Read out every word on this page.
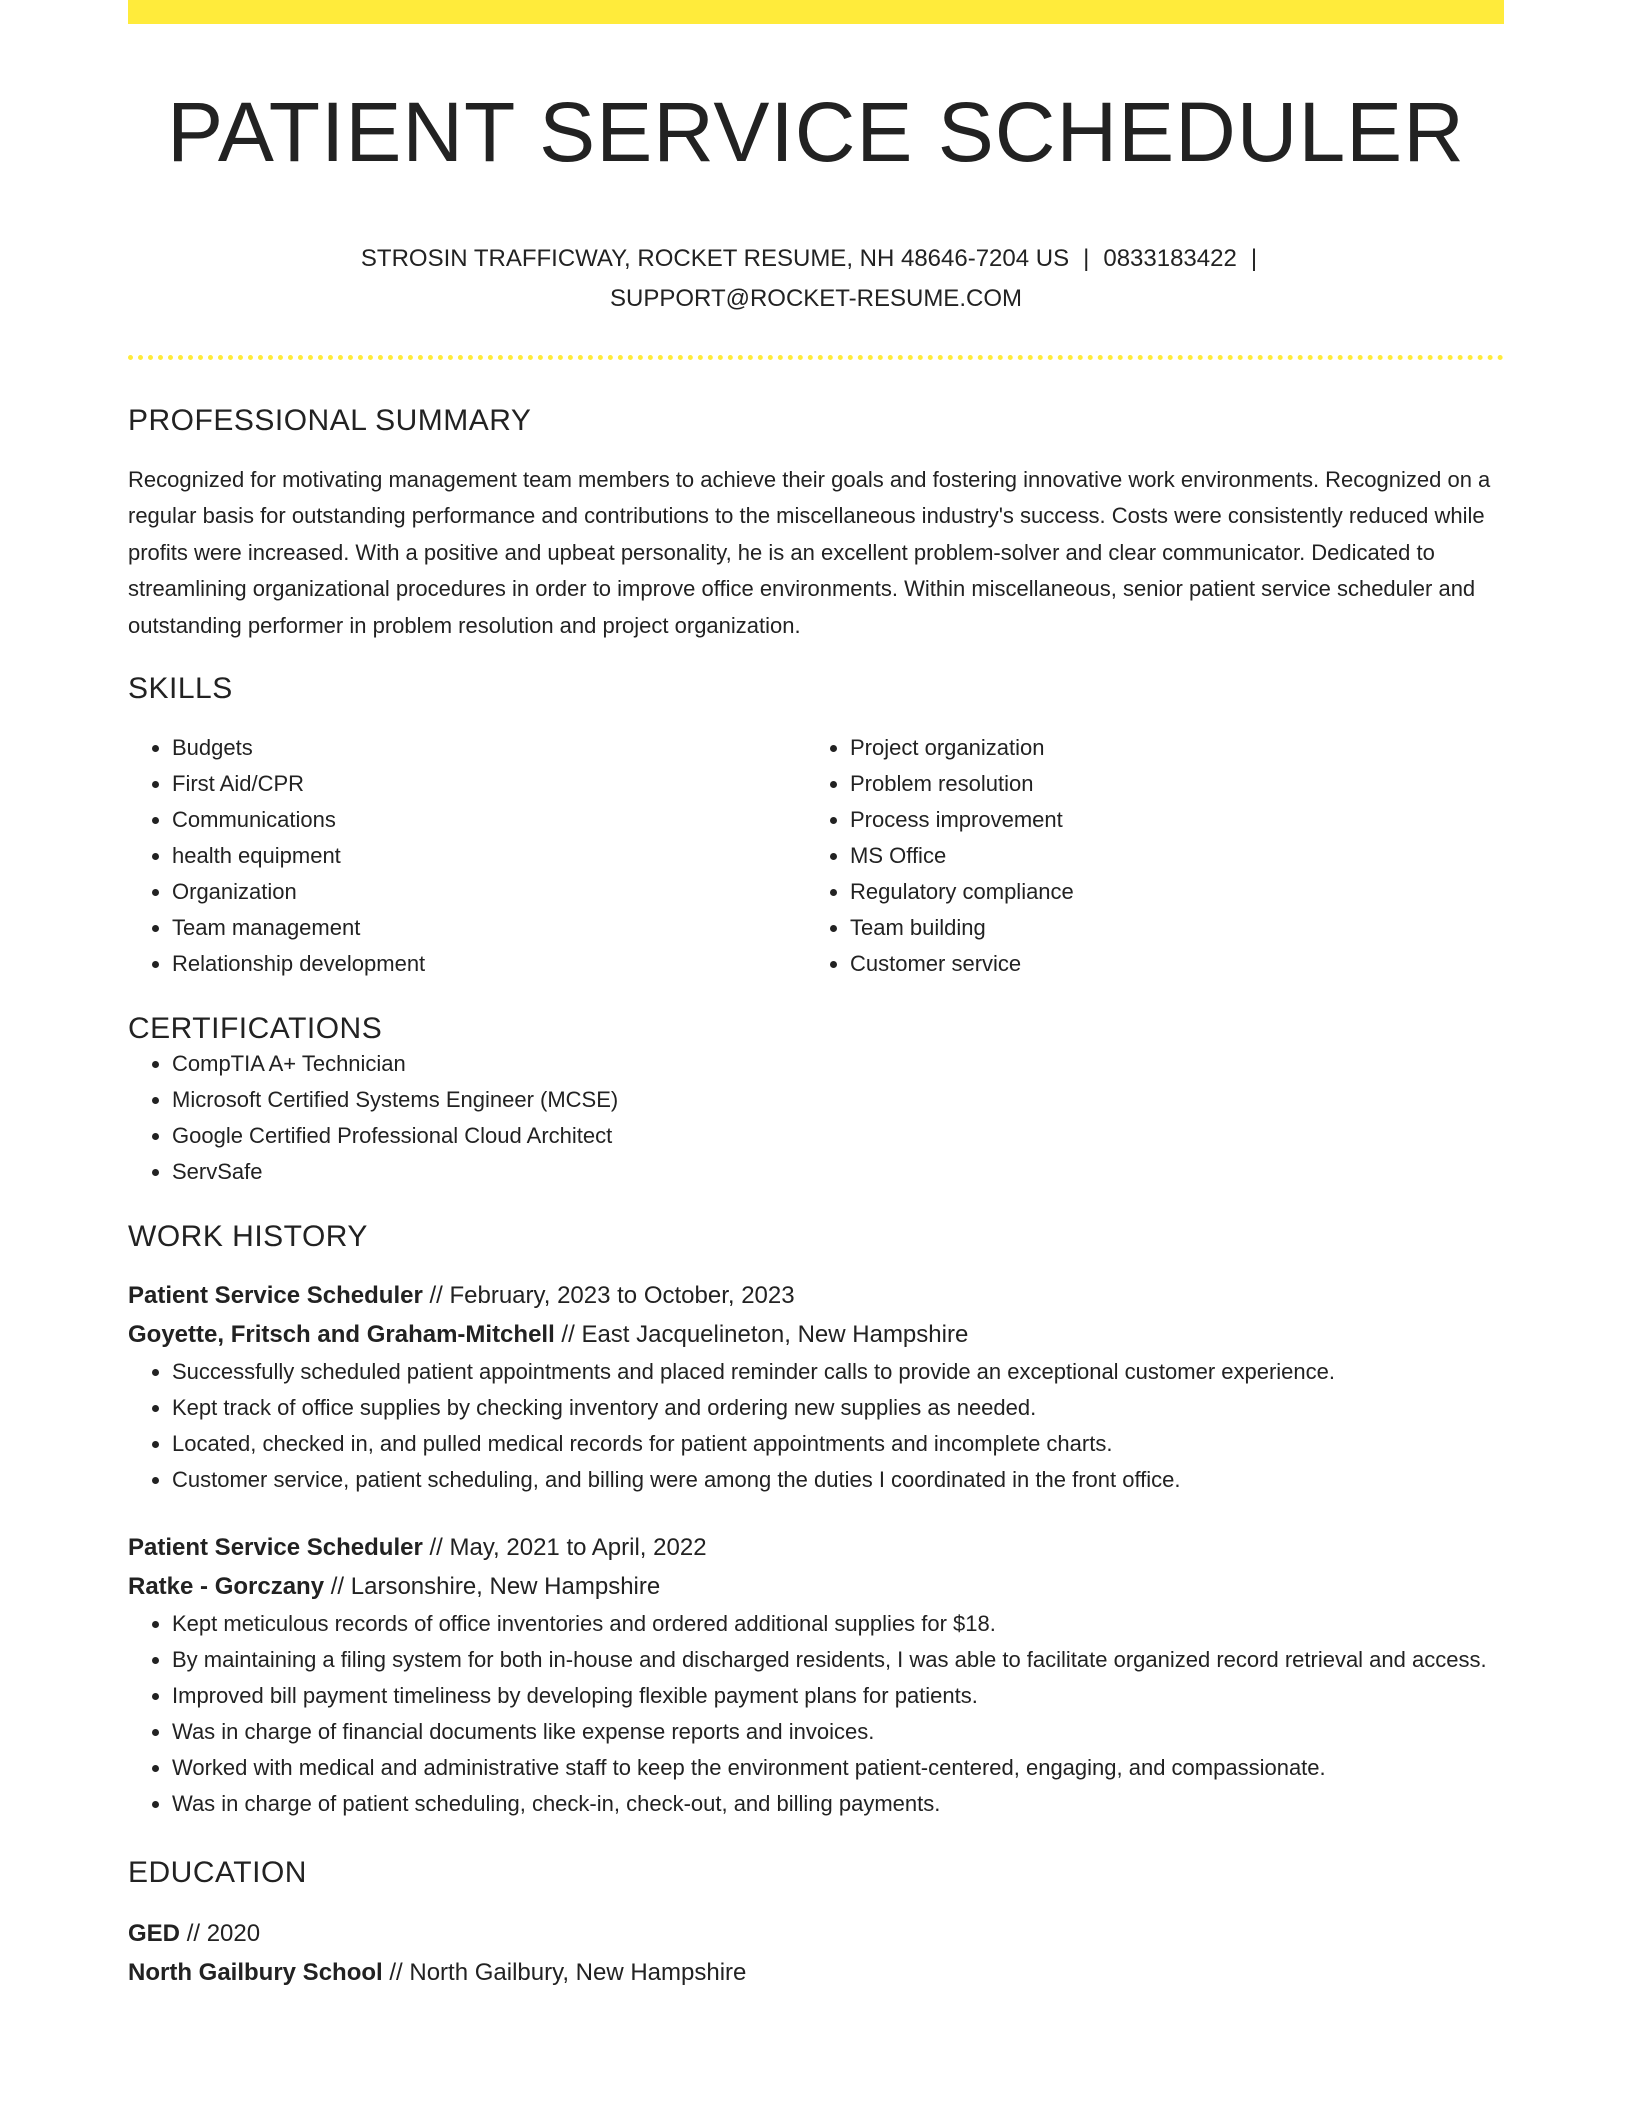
PATIENT SERVICE SCHEDULER
STROSIN TRAFFICWAY, ROCKET RESUME, NH 48646-7204 US | 0833183422 |
SUPPORT@ROCKET-RESUME.COM
PROFESSIONAL SUMMARY

Recognized for motivating management team members to achieve their goals and fostering innovative work environments. Recognized on a regular basis for outstanding performance and contributions to the miscellaneous industry's success. Costs were consistently reduced while profits were increased. With a positive and upbeat personality, he is an excellent problem-solver and clear communicator. Dedicated to streamlining organizational procedures in order to improve office environments. Within miscellaneous, senior patient service scheduler and outstanding performer in problem resolution and project organization.

SKILLS
• Budgets
• First Aid/CPR
• Communications
• health equipment
• Organization
• Team management
• Relationship development
• Project organization
• Problem resolution
• Process improvement
• MS Office
• Regulatory compliance
• Team building
• Customer service
CERTIFICATIONS
• CompTIA A+ Technician
• Microsoft Certified Systems Engineer (MCSE)
• Google Certified Professional Cloud Architect
• ServSafe
WORK HISTORY
Patient Service Scheduler // February, 2023 to October, 2023
Goyette, Fritsch and Graham-Mitchell // East Jacquelineton, New Hampshire
• Successfully scheduled patient appointments and placed reminder calls to provide an exceptional customer experience.
• Kept track of office supplies by checking inventory and ordering new supplies as needed.
• Located, checked in, and pulled medical records for patient appointments and incomplete charts.
• Customer service, patient scheduling, and billing were among the duties I coordinated in the front office.
Patient Service Scheduler // May, 2021 to April, 2022
Ratke - Gorczany // Larsonshire, New Hampshire
• Kept meticulous records of office inventories and ordered additional supplies for $18.
• By maintaining a filing system for both in-house and discharged residents, I was able to facilitate organized record retrieval and access.
• Improved bill payment timeliness by developing flexible payment plans for patients.
• Was in charge of financial documents like expense reports and invoices.
• Worked with medical and administrative staff to keep the environment patient-centered, engaging, and compassionate.
• Was in charge of patient scheduling, check-in, check-out, and billing payments.
EDUCATION
GED // 2020
North Gailbury School // North Gailbury, New Hampshire
